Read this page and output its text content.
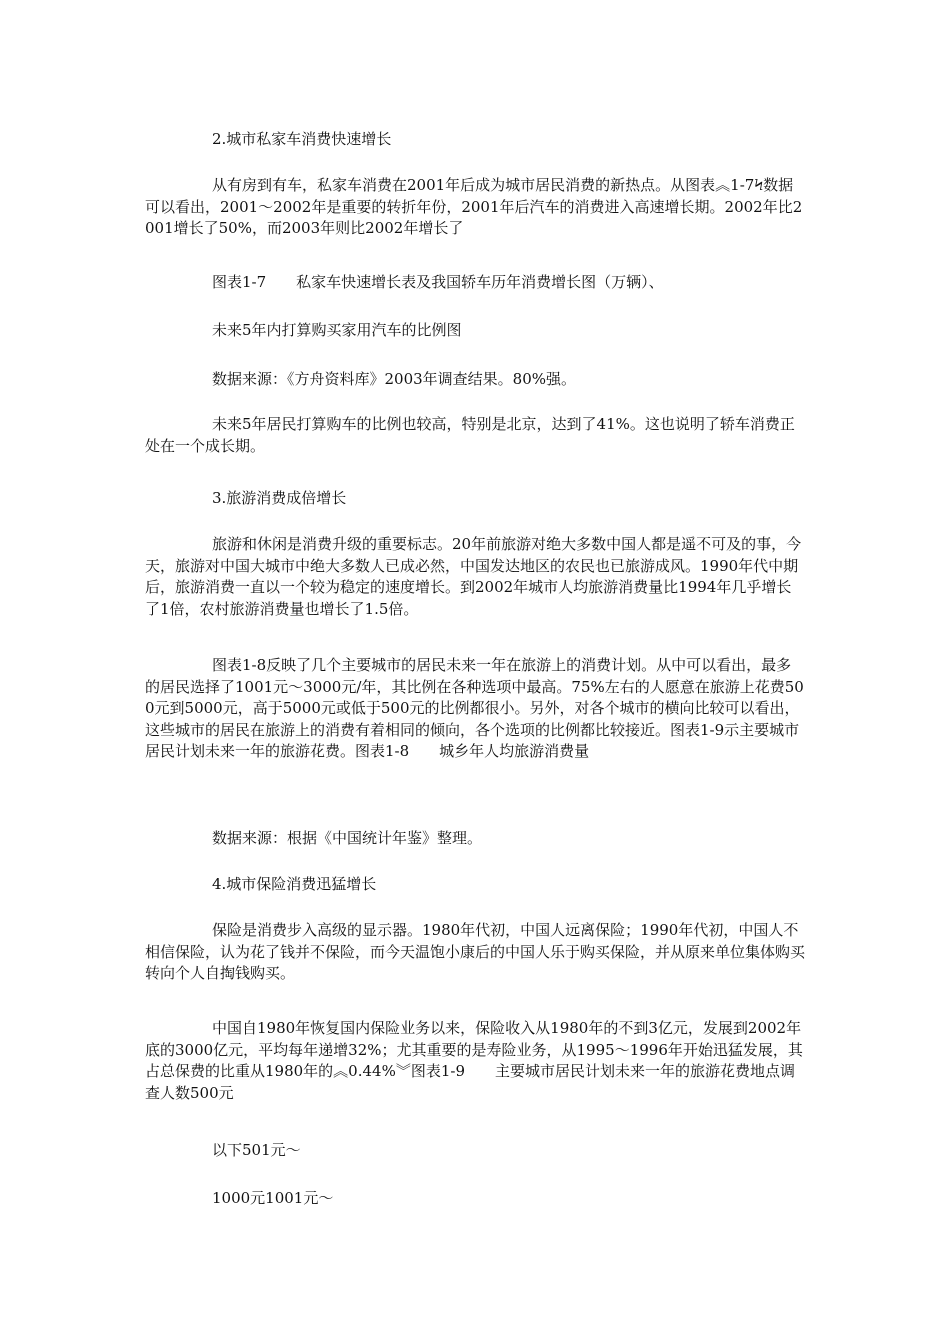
2.城市私家车消费快速增长

从有房到有车，私家车消费在2001年后成为城市居民消费的新热点。从图表︽1-7Ϟ数据可以看出，2001～2002年是重要的转折年份，2001年后汽车的消费进入高速增长期。2002年比2001增长了50%，而2003年则比2002年增长了

图表1-7　　私家车快速增长表及我国轿车历年消费增长图（万辆）、

未来5年内打算购买家用汽车的比例图

数据来源：《方舟资料库》2003年调查结果。80%强。

未来5年居民打算购车的比例也较高，特别是北京，达到了41%。这也说明了轿车消费正处在一个成长期。

3.旅游消费成倍增长

旅游和休闲是消费升级的重要标志。20年前旅游对绝大多数中国人都是遥不可及的事，今天，旅游对中国大城市中绝大多数人已成必然，中国发达地区的农民也已旅游成风。1990年代中期后，旅游消费一直以一个较为稳定的速度增长。到2002年城市人均旅游消费量比1994年几乎增长了1倍，农村旅游消费量也增长了1.5倍。

图表1-8反映了几个主要城市的居民未来一年在旅游上的消费计划。从中可以看出，最多的居民选择了1001元～3000元/年，其比例在各种选项中最高。75%左右的人愿意在旅游上花费500元到5000元，高于5000元或低于500元的比例都很小。另外，对各个城市的横向比较可以看出，这些城市的居民在旅游上的消费有着相同的倾向，各个选项的比例都比较接近。图表1-9示主要城市居民计划未来一年的旅游花费。图表1-8　　城乡年人均旅游消费量

数据来源：根据《中国统计年鉴》整理。

4.城市保险消费迅猛增长

保险是消费步入高级的显示器。1980年代初，中国人远离保险；1990年代初，中国人不相信保险，认为花了钱并不保险，而今天温饱小康后的中国人乐于购买保险，并从原来单位集体购买转向个人自掏钱购买。

中国自1980年恢复国内保险业务以来，保险收入从1980年的不到3亿元，发展到2002年底的3000亿元，平均每年递增32%；尤其重要的是寿险业务，从1995～1996年开始迅猛发展，其占总保费的比重从1980年的︽0.44%︾图表1-9　　主要城市居民计划未来一年的旅游花费地点调查人数500元

以下501元～

1000元1001元～
